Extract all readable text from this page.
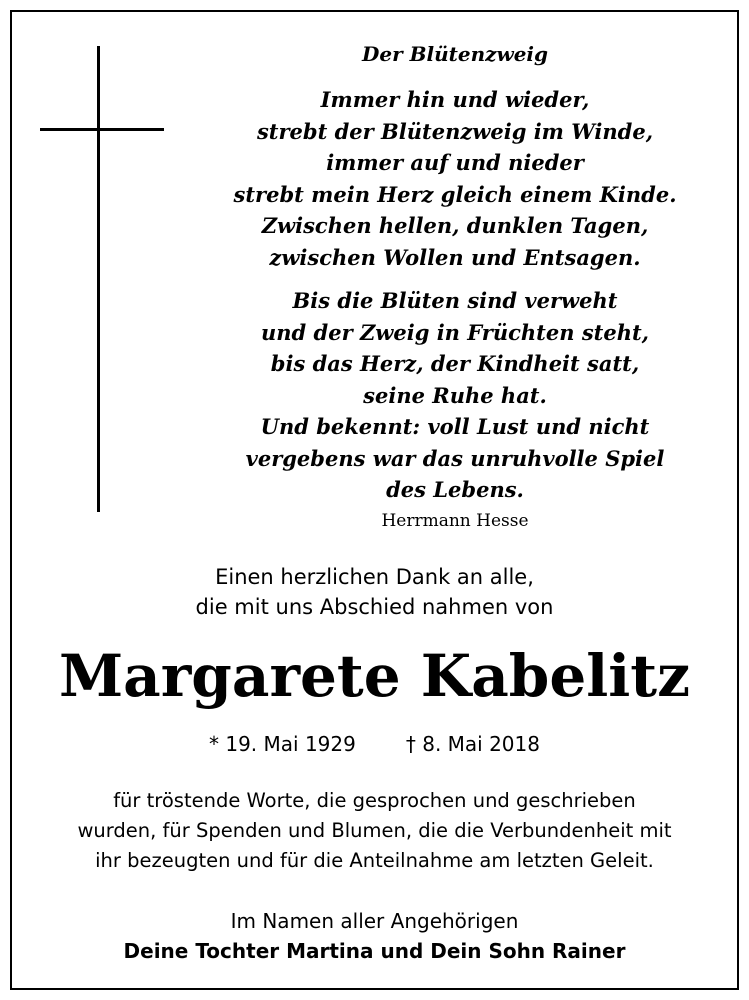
Der Blütenzweig
Immer hin und wieder,
strebt der Blütenzweig im Winde,
immer auf und nieder
strebt mein Herz gleich einem Kinde.
Zwischen hellen, dunklen Tagen,
zwischen Wollen und Entsagen.
Bis die Blüten sind verweht
und der Zweig in Früchten steht,
bis das Herz, der Kindheit satt,
seine Ruhe hat.
Und bekennt: voll Lust und nicht
vergebens war das unruhvolle Spiel
des Lebens.
Herrmann Hesse
Einen herzlichen Dank an alle,
die mit uns Abschied nahmen von
Margarete Kabelitz
* 19. Mai 1929	† 8. Mai 2018
für tröstende Worte, die gesprochen und geschrieben
wurden, für Spenden und Blumen, die die Verbundenheit mit
ihr bezeugten und für die Anteilnahme am letzten Geleit.
Im Namen aller Angehörigen
Deine Tochter Martina und Dein Sohn Rainer
